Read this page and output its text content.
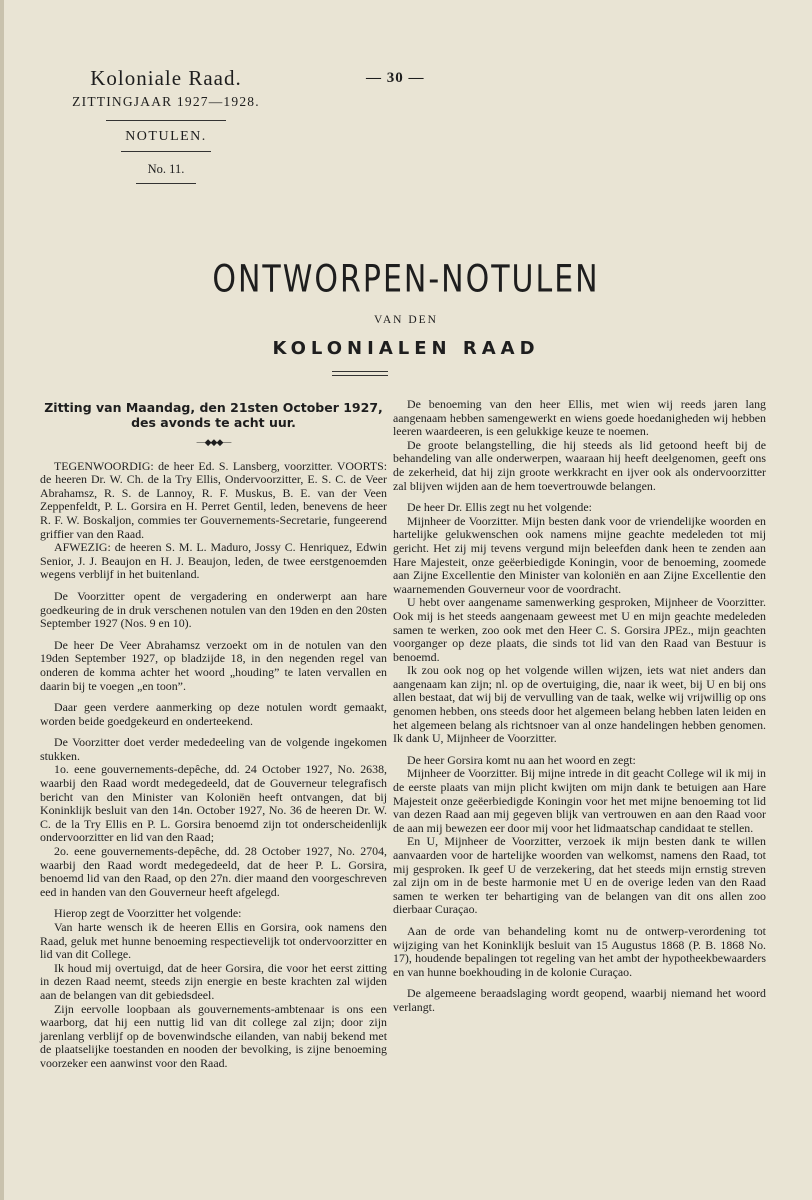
Koloniale Raad.
ZITTINGJAAR 1927—1928.
NOTULEN.
No. 11.
— 30 —
ONTWORPEN-NOTULEN
VAN DEN
KOLONIALEN RAAD
Zitting van Maandag, den 21sten October 1927,
des avonds te acht uur.
—◆◆◆—

TEGENWOORDIG: de heer Ed. S. Lansberg, voorzitter. VOORTS: de heeren Dr. W. Ch. de la Try Ellis, Ondervoorzitter, E. S. C. de Veer Abrahamsz, R. S. de Lannoy, R. F. Muskus, B. E. van der Veen Zeppenfeldt, P. L. Gorsira en H. Perret Gentil, leden, benevens de heer R. F. W. Boskaljon, commies ter Gouvernements-Secretarie, fungeerend griffier van den Raad.

AFWEZIG: de heeren S. M. L. Maduro, Jossy C. Henriquez, Edwin Senior, J. J. Beaujon en H. J. Beaujon, leden, de twee eerstgenoemden wegens verblijf in het buitenland.

De Voorzitter opent de vergadering en onderwerpt aan hare goedkeuring de in druk verschenen notulen van den 19den en den 20sten September 1927 (Nos. 9 en 10).

De heer De Veer Abrahamsz verzoekt om in de notulen van den 19den September 1927, op bladzijde 18, in den negenden regel van onderen de komma achter het woord „houding” te laten vervallen en daarin bij te voegen „en toon”.

Daar geen verdere aanmerking op deze notulen wordt gemaakt, worden beide goedgekeurd en onderteekend.

De Voorzitter doet verder mededeeling van de volgende ingekomen stukken.

1o. eene gouvernements-depêche, dd. 24 October 1927, No. 2638, waarbij den Raad wordt medegedeeld, dat de Gouverneur telegrafisch bericht van den Minister van Koloniën heeft ontvangen, dat bij Koninklijk besluit van den 14n. October 1927, No. 36 de heeren Dr. W. C. de la Try Ellis en P. L. Gorsira benoemd zijn tot onderscheidenlijk ondervoorzitter en lid van den Raad;

2o. eene gouvernements-depêche, dd. 28 October 1927, No. 2704, waarbij den Raad wordt medegedeeld, dat de heer P. L. Gorsira, benoemd lid van den Raad, op den 27n. dier maand den voorgeschreven eed in handen van den Gouverneur heeft afgelegd.

Hierop zegt de Voorzitter het volgende:

Van harte wensch ik de heeren Ellis en Gorsira, ook namens den Raad, geluk met hunne benoeming respectievelijk tot ondervoorzitter en lid van dit College.

Ik houd mij overtuigd, dat de heer Gorsira, die voor het eerst zitting in dezen Raad neemt, steeds zijn energie en beste krachten zal wijden aan de belangen van dit gebiedsdeel.

Zijn eervolle loopbaan als gouvernements-ambtenaar is ons een waarborg, dat hij een nuttig lid van dit college zal zijn; door zijn jarenlang verblijf op de bovenwindsche eilanden, van nabij bekend met de plaatselijke toestanden en nooden der bevolking, is zijne benoeming voorzeker een aanwinst voor den Raad.

De benoeming van den heer Ellis, met wien wij reeds jaren lang aangenaam hebben samengewerkt en wiens goede hoedanigheden wij hebben leeren waardeeren, is een gelukkige keuze te noemen.

De groote belangstelling, die hij steeds als lid getoond heeft bij de behandeling van alle onderwerpen, waaraan hij heeft deelgenomen, geeft ons de zekerheid, dat hij zijn groote werkkracht en ijver ook als ondervoorzitter zal blijven wijden aan de hem toevertrouwde belangen.

De heer Dr. Ellis zegt nu het volgende:

Mijnheer de Voorzitter. Mijn besten dank voor de vriendelijke woorden en hartelijke gelukwenschen ook namens mijne geachte medeleden tot mij gericht. Het zij mij tevens vergund mijn beleefden dank heen te zenden aan Hare Majesteit, onze geëerbiedigde Koningin, voor de benoeming, zoomede aan Zijne Excellentie den Minister van koloniën en aan Zijne Excellentie den waarnemenden Gouverneur voor de voordracht.

U hebt over aangename samenwerking gesproken, Mijnheer de Voorzitter. Ook mij is het steeds aangenaam geweest met U en mijn geachte medeleden samen te werken, zoo ook met den Heer C. S. Gorsira JPEz., mijn geachten voorganger op deze plaats, die sinds tot lid van den Raad van Bestuur is benoemd.

Ik zou ook nog op het volgende willen wijzen, iets wat niet anders dan aangenaam kan zijn; nl. op de overtuiging, die, naar ik weet, bij U en bij ons allen bestaat, dat wij bij de vervulling van de taak, welke wij vrijwillig op ons genomen hebben, ons steeds door het algemeen belang hebben laten leiden en het algemeen belang als richtsnoer van al onze handelingen hebben genomen. Ik dank U, Mijnheer de Voorzitter.

De heer Gorsira komt nu aan het woord en zegt:

Mijnheer de Voorzitter. Bij mijne intrede in dit geacht College wil ik mij in de eerste plaats van mijn plicht kwijten om mijn dank te betuigen aan Hare Majesteit onze geëerbiedigde Koningin voor het met mijne benoeming tot lid van dezen Raad aan mij gegeven blijk van vertrouwen en aan den Raad voor de aan mij bewezen eer door mij voor het lidmaatschap candidaat te stellen.

En U, Mijnheer de Voorzitter, verzoek ik mijn besten dank te willen aanvaarden voor de hartelijke woorden van welkomst, namens den Raad, tot mij gesproken. Ik geef U de verzekering, dat het steeds mijn ernstig streven zal zijn om in de beste harmonie met U en de overige leden van den Raad samen te werken ter behartiging van de belangen van dit ons allen zoo dierbaar Curaçao.

Aan de orde van behandeling komt nu de ontwerp-verordening tot wijziging van het Koninklijk besluit van 15 Augustus 1868 (P. B. 1868 No. 17), houdende bepalingen tot regeling van het ambt der hypotheekbewaarders en van hunne boekhouding in de kolonie Curaçao.

De algemeene beraadslaging wordt geopend, waarbij niemand het woord verlangt.
